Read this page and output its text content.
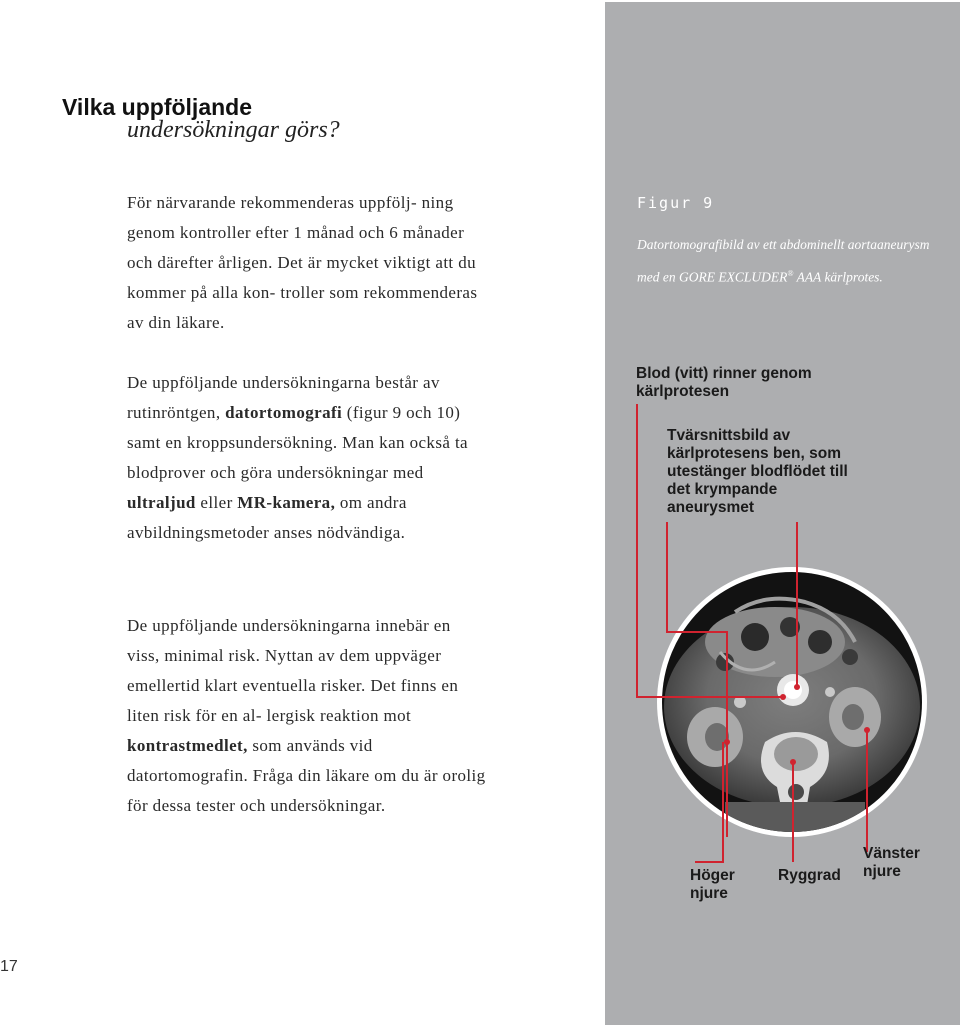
Vilka uppföljande
undersökningar görs?

För närvarande rekommenderas uppfölj- ning genom kontroller efter 1 månad och 6 månader och därefter årligen. Det är mycket viktigt att du kommer på alla kon- troller som rekommenderas av din läkare.

De uppföljande undersökningarna består av rutinröntgen, datortomografi (figur 9 och 10) samt en kroppsundersökning. Man kan också ta blodprover och göra undersökningar med ultraljud eller MR-kamera, om andra avbildningsmetoder anses nödvändiga.

De uppföljande undersökningarna innebär en viss, minimal risk. Nyttan av dem uppväger emellertid klart eventuella risker. Det finns en liten risk för en al- lergisk reaktion mot kontrastmedlet, som används vid datortomografin. Fråga din läkare om du är orolig för dessa tester och undersökningar.

17
Figur 9
Datortomografibild av ett abdominellt aortaaneurysm med en GORE EXCLUDER® AAA kärlprotes.
Blod (vitt) rinner genom kärlprotesen
Tvärsnittsbild av kärlprotesens ben, som utestänger blodflödet till det krympande aneurysmet
Höger njure
Ryggrad
Vänster njure
